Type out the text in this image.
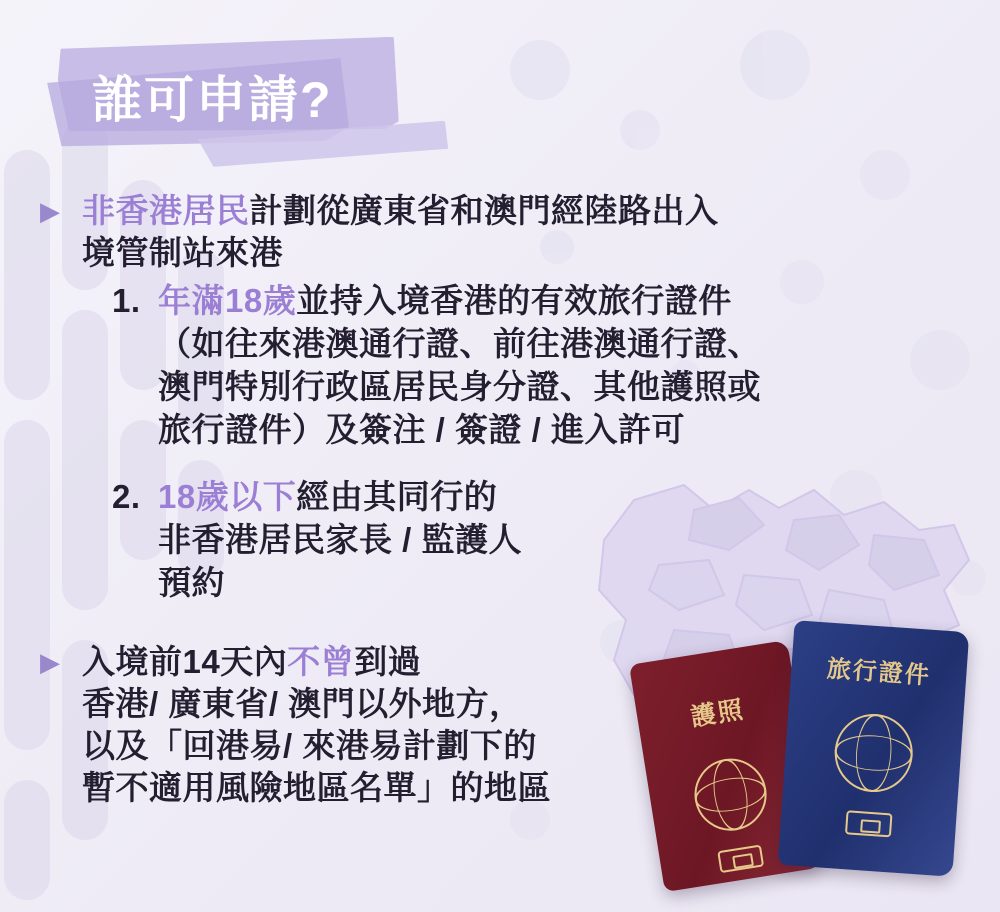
誰可申請?
▶ 非香港居民計劃從廣東省和澳門經陸路出入
境管制站來港
1. 年滿18歲並持入境香港的有效旅行證件
（如往來港澳通行證、前往港澳通行證、
澳門特別行政區居民身分證、其他護照或
旅行證件）及簽注 / 簽證 / 進入許可
2. 18歲以下經由其同行的
非香港居民家長 / 監護人
預約
▶ 入境前14天內不曾到過
香港/ 廣東省/ 澳門以外地方，
以及「回港易/ 來港易計劃下的
暫不適用風險地區名單」的地區
護照
旅行證件
